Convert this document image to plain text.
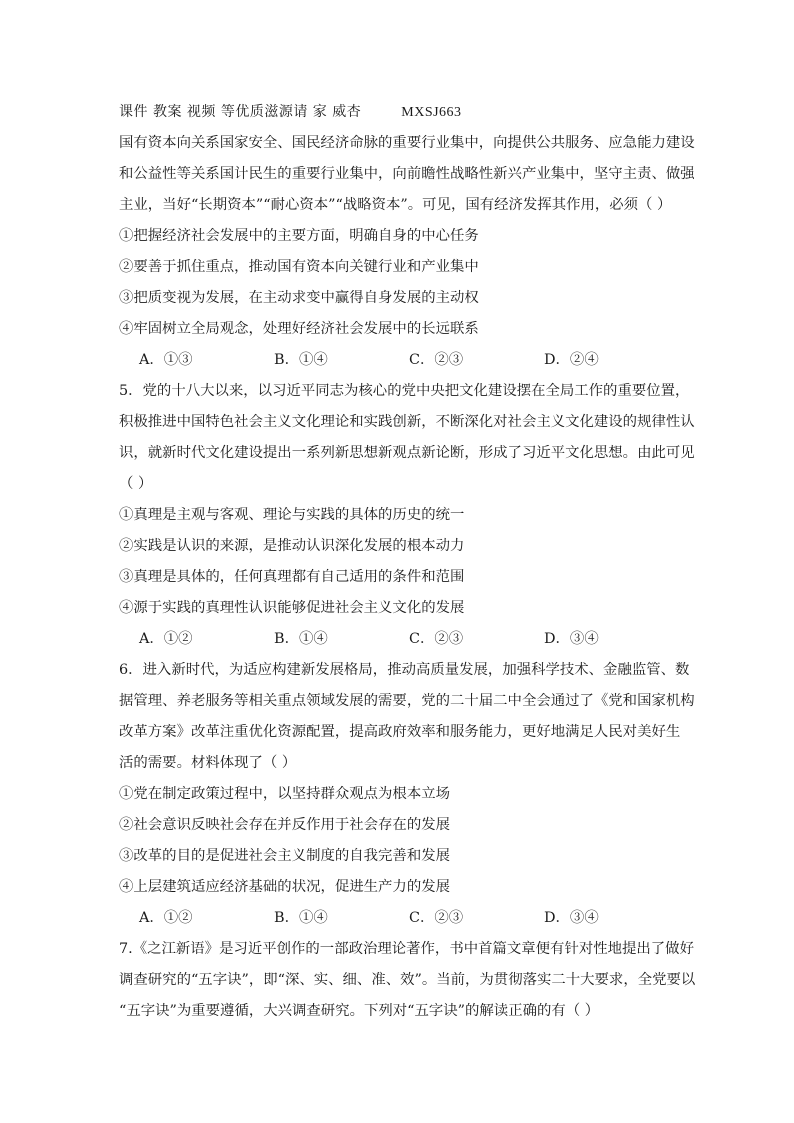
课件 教案 视频 等优质滋源请 家 威杏	MXSJ663
国有资本向关系国家安全、国民经济命脉的重要行业集中，向提供公共服务、应急能力建设
和公益性等关系国计民生的重要行业集中，向前瞻性战略性新兴产业集中，坚守主责、做强
主业，当好“长期资本”“耐心资本”“战略资本”。可见，国有经济发挥其作用，必须（ ）
①把握经济社会发展中的主要方面，明确自身的中心任务
②要善于抓住重点，推动国有资本向关键行业和产业集中
③把质变视为发展，在主动求变中赢得自身发展的主动权
④牢固树立全局观念，处理好经济社会发展中的长远联系
A．①③	B．①④	C．②③	D．②④
5．党的十八大以来，以习近平同志为核心的党中央把文化建设摆在全局工作的重要位置，
积极推进中国特色社会主义文化理论和实践创新，不断深化对社会主义文化建设的规律性认
识，就新时代文化建设提出一系列新思想新观点新论断，形成了习近平文化思想。由此可见
（ ）
①真理是主观与客观、理论与实践的具体的历史的统一
②实践是认识的来源，是推动认识深化发展的根本动力
③真理是具体的，任何真理都有自己适用的条件和范围
④源于实践的真理性认识能够促进社会主义文化的发展
A．①②	B．①④	C．②③	D．③④
6．进入新时代，为适应构建新发展格局，推动高质量发展，加强科学技术、金融监管、数
据管理、养老服务等相关重点领域发展的需要，党的二十届二中全会通过了《党和国家机构
改革方案》改革注重优化资源配置，提高政府效率和服务能力，更好地满足人民对美好生
活的需要。材料体现了（ ）
①党在制定政策过程中，以坚持群众观点为根本立场
②社会意识反映社会存在并反作用于社会存在的发展
③改革的目的是促进社会主义制度的自我完善和发展
④上层建筑适应经济基础的状况，促进生产力的发展
A．①②	B．①④	C．②③	D．③④
7.《之江新语》是习近平创作的一部政治理论著作，书中首篇文章便有针对性地提出了做好
调查研究的“五字诀”，即“深、实、细、准、效”。当前，为贯彻落实二十大要求，全党要以
“五字诀”为重要遵循，大兴调查研究。下列对“五字诀”的解读正确的有（ ）
